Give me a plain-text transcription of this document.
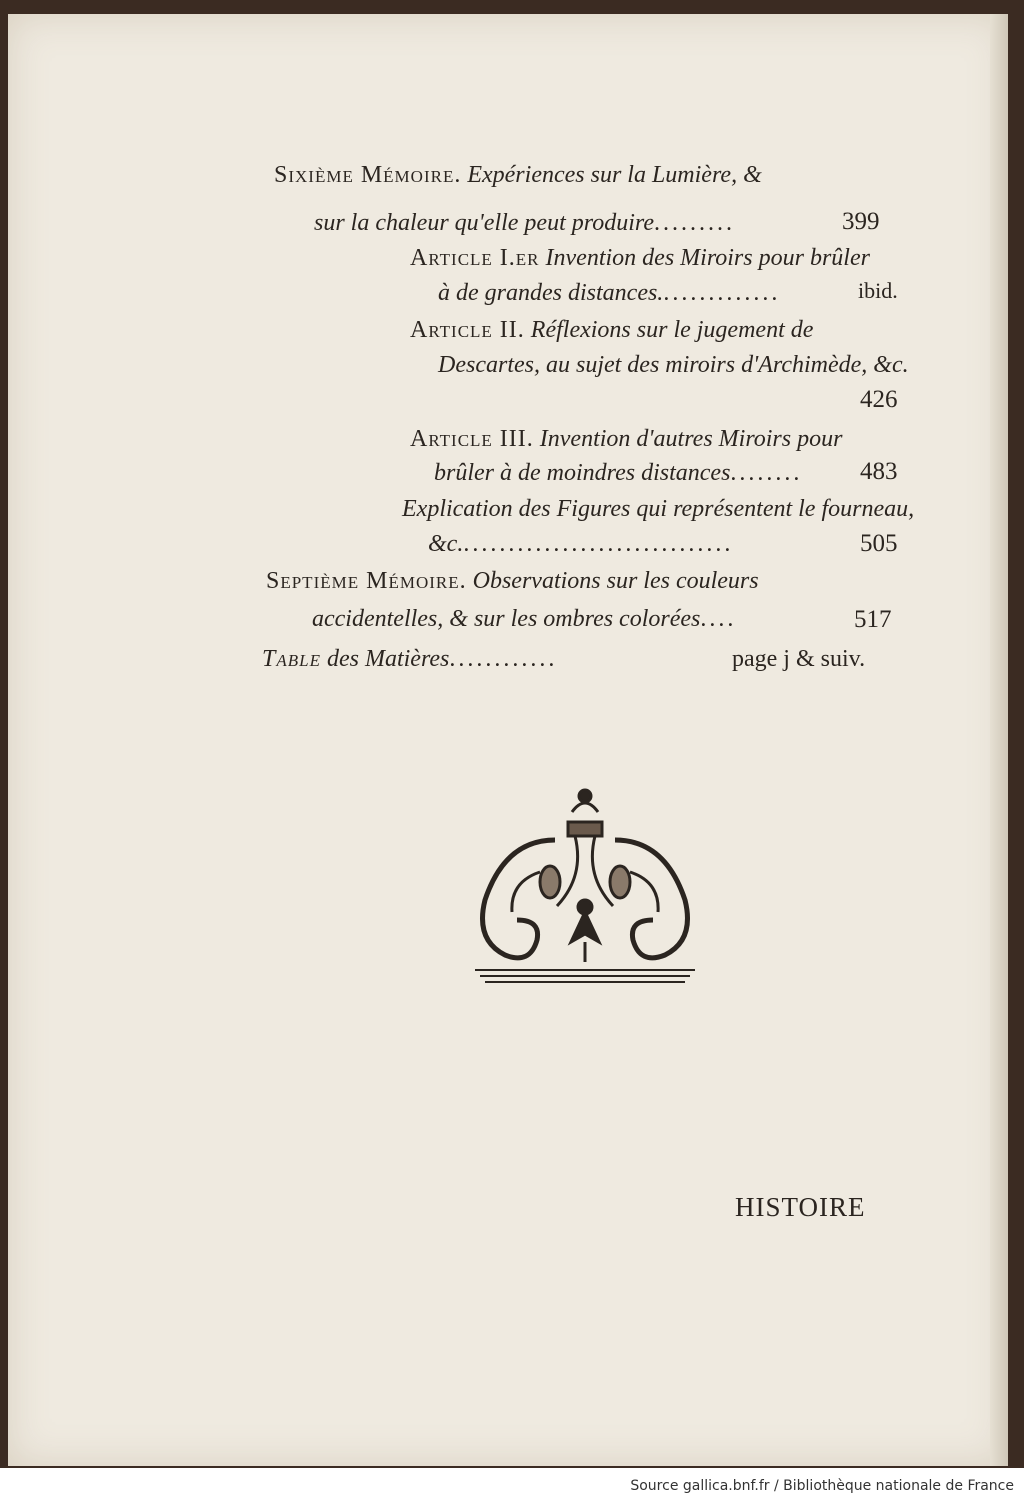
Sixième Mémoire. Expériences sur la Lumière, &
sur la chaleur qu'elle peut produire.........	399
Article I.er Invention des Miroirs pour brûler
à de grandes distances..............	ibid.
Article II. Réflexions sur le jugement de
Descartes, au sujet des miroirs d'Archimède, &c.
426
Article III. Invention d'autres Miroirs pour
brûler à de moindres distances........ 483
Explication des Figures qui représentent le fourneau,
&c...............................	505
Septième Mémoire. Observations sur les couleurs
accidentelles, & sur les ombres colorées....	517
Table des Matières............	page j & suiv.
HISTOIRE
Source gallica.bnf.fr / Bibliothèque nationale de France
